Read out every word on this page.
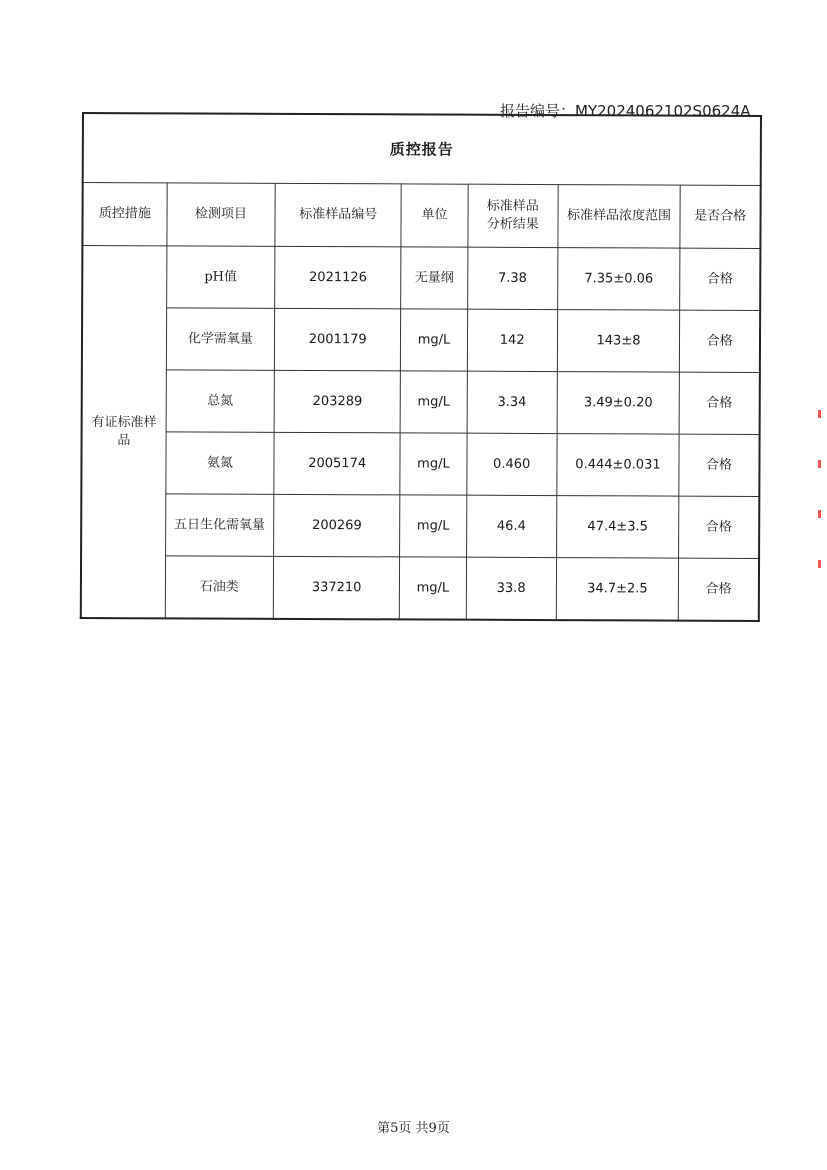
报告编号：MY2024062102S0624A
质控报告						
质控措施	检测项目	标准样品编号	单位	标准样品分析结果	标准样品浓度范围	是否合格
有证标准样品	pH值	2021126	无量纲	7.38	7.35±0.06	合格
	化学需氧量	2001179	mg/L	142	143±8	合格
	总氮	203289	mg/L	3.34	3.49±0.20	合格
	氨氮	2005174	mg/L	0.460	0.444±0.031	合格
	五日生化需氧量	200269	mg/L	46.4	47.4±3.5	合格
	石油类	337210	mg/L	33.8	34.7±2.5	合格
第5页 共9页
